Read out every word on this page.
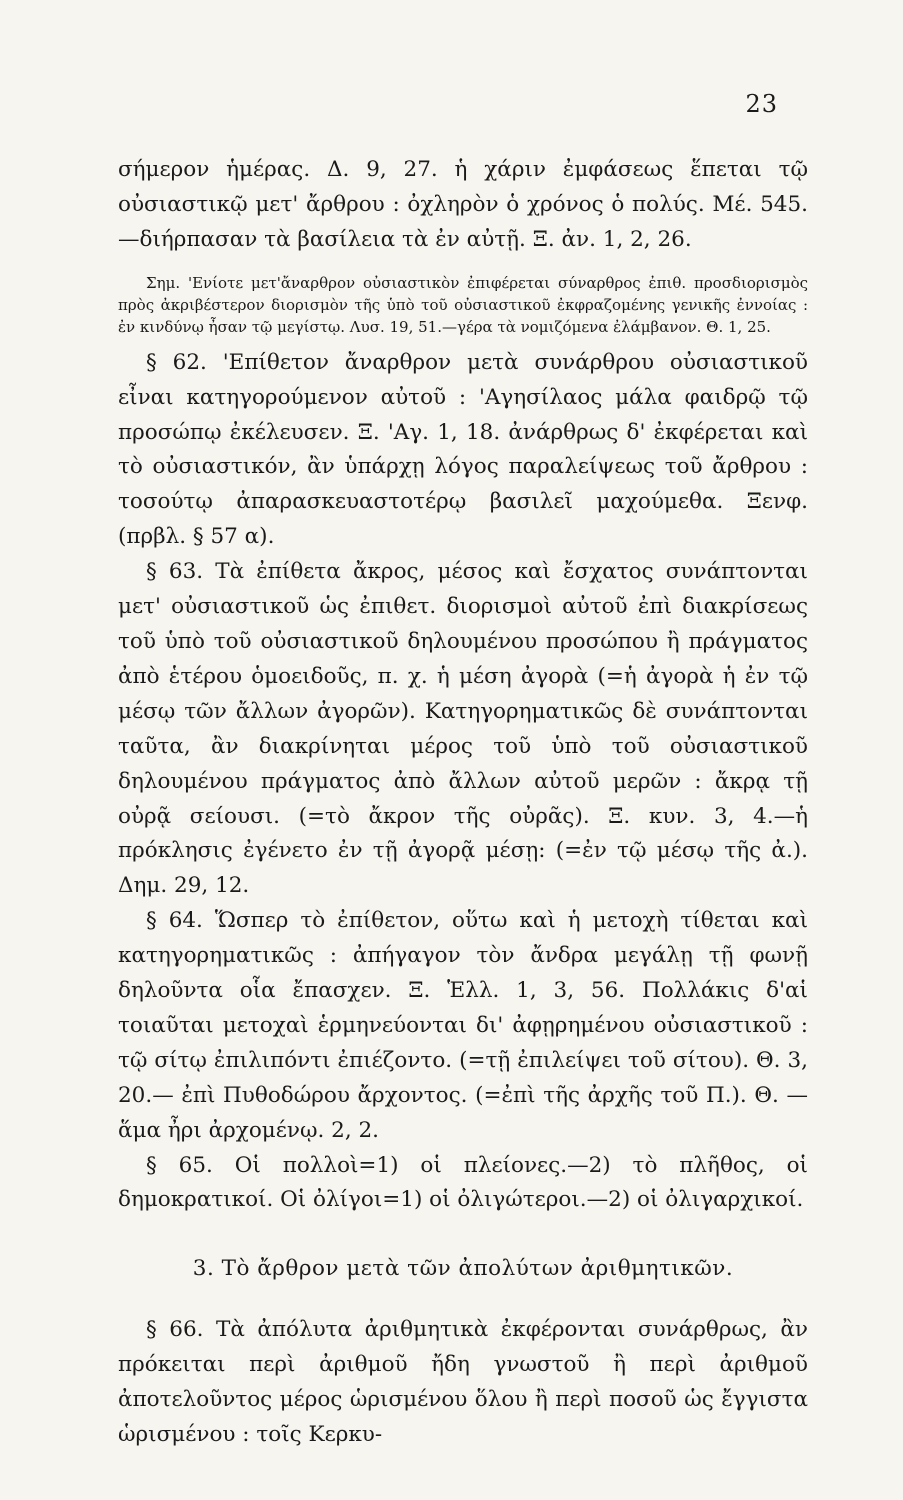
23

σήμερον ἡμέρας. Δ. 9, 27. ἡ χάριν ἐμφάσεως ἕπεται τῷ οὐσιαστικῷ μετ' ἄρθρου : ὀχληρὸν ὁ χρόνος ὁ πολύς. Μέ. 545.—διήρπασαν τὰ βασίλεια τὰ ἐν αὐτῇ. Ξ. ἀν. 1, 2, 26.

Σημ. 'Ενίοτε μετ'ἄναρθρον οὐσιαστικὸν ἐπιφέρεται σύναρθρος ἐπιθ. προσδιορισμὸς πρὸς ἀκριβέστερον διορισμὸν τῆς ὑπὸ τοῦ οὐσιαστικοῦ ἐκφραζομένης γενικῆς ἐννοίας : ἐν κινδύνῳ ἦσαν τῷ μεγίστῳ. Λυσ. 19, 51.—γέρα τὰ νομιζόμενα ἐλάμβανον. Θ. 1, 25.

§ 62. 'Επίθετον ἄναρθρον μετὰ συνάρθρου οὐσιαστικοῦ εἶναι κατηγορούμενον αὐτοῦ : 'Αγησίλαος μάλα φαιδρῷ τῷ προσώπῳ ἐκέλευσεν. Ξ. 'Αγ. 1, 18. ἀνάρθρως δ' ἐκφέρεται καὶ τὸ οὐσιαστικόν, ἂν ὑπάρχῃ λόγος παραλείψεως τοῦ ἄρθρου : τοσούτῳ ἀπαρασκευαστοτέρῳ βασιλεῖ μαχούμεθα. Ξενφ. (πρβλ. § 57 α).

§ 63. Τὰ ἐπίθετα ἄκρος, μέσος καὶ ἔσχατος συνάπτονται μετ' οὐσιαστικοῦ ὡς ἐπιθετ. διορισμοὶ αὐτοῦ ἐπὶ διακρίσεως τοῦ ὑπὸ τοῦ οὐσιαστικοῦ δηλουμένου προσώπου ἢ πράγματος ἀπὸ ἑτέρου ὁμοειδοῦς, π. χ. ἡ μέση ἀγορὰ (=ἡ ἀγορὰ ἡ ἐν τῷ μέσῳ τῶν ἄλλων ἀγορῶν). Κατηγορηματικῶς δὲ συνάπτονται ταῦτα, ἂν διακρίνηται μέρος τοῦ ὑπὸ τοῦ οὐσιαστικοῦ δηλουμένου πράγματος ἀπὸ ἄλλων αὐτοῦ μερῶν : ἄκρᾳ τῇ οὐρᾷ σείουσι. (=τὸ ἄκρον τῆς οὐρᾶς). Ξ. κυν. 3, 4.—ἡ πρόκλησις ἐγένετο ἐν τῇ ἀγορᾷ μέσῃ: (=ἐν τῷ μέσῳ τῆς ἀ.). Δημ. 29, 12.

§ 64. Ὥσπερ τὸ ἐπίθετον, οὕτω καὶ ἡ μετοχὴ τίθεται καὶ κατηγορηματικῶς : ἀπήγαγον τὸν ἄνδρα μεγάλῃ τῇ φωνῇ δηλοῦντα οἷα ἔπασχεν. Ξ. Ἑλλ. 1, 3, 56. Πολλάκις δ'αἱ τοιαῦται μετοχαὶ ἑρμηνεύονται δι' ἀφῃρημένου οὐσιαστικοῦ : τῷ σίτῳ ἐπιλιπόντι ἐπιέζοντο. (=τῇ ἐπιλείψει τοῦ σίτου). Θ. 3, 20.— ἐπὶ Πυθοδώρου ἄρχοντος. (=ἐπὶ τῆς ἀρχῆς τοῦ Π.). Θ. — ἅμα ἦρι ἀρχομένῳ. 2, 2.

§ 65. Οἱ πολλοὶ=1) οἱ πλείονες.—2) τὸ πλῆθος, οἱ δημοκρατικοί. Οἱ ὀλίγοι=1) οἱ ὀλιγώτεροι.—2) οἱ ὀλιγαρχικοί.

3. Τὸ ἄρθρον μετὰ τῶν ἀπολύτων ἀριθμητικῶν.

§ 66. Τὰ ἀπόλυτα ἀριθμητικὰ ἐκφέρονται συνάρθρως, ἂν πρόκειται περὶ ἀριθμοῦ ἤδη γνωστοῦ ἢ περὶ ἀριθμοῦ ἀποτελοῦντος μέρος ὡρισμένου ὅλου ἢ περὶ ποσοῦ ὡς ἔγγιστα ὡρισμένου : τοῖς Κερκυ-
